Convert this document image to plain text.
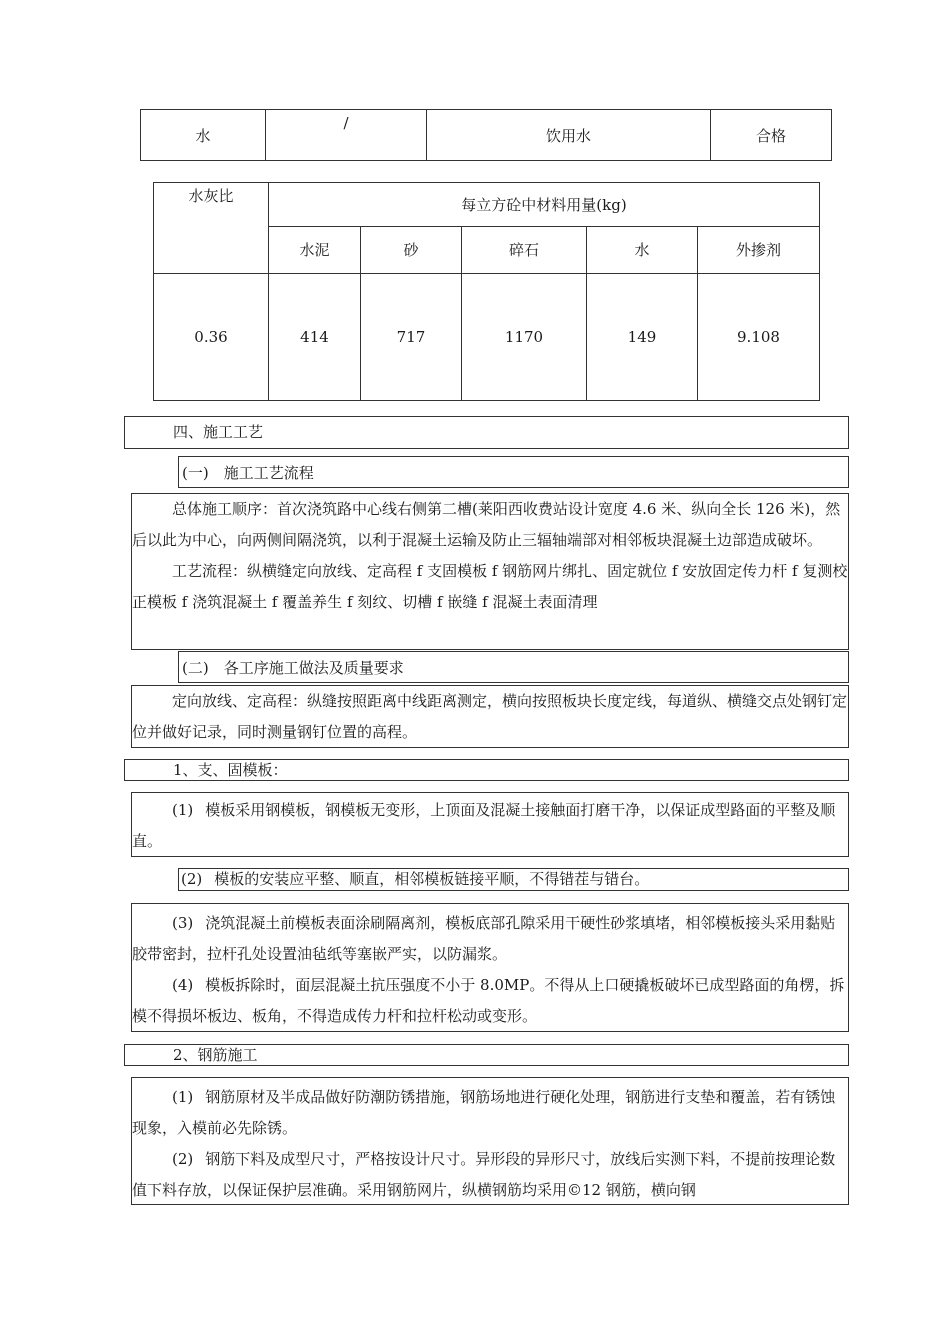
水	/	饮用水	合格
水灰比	每立方砼中材料用量(kg)				
	水泥	砂	碎石	水	外掺剂
0.36	414	717	1170	149	9.108
四、施工工艺
(一)　施工工艺流程

总体施工顺序：首次浇筑路中心线右侧第二槽(莱阳西收费站设计宽度 4.6 米、纵向全长 126 米)，然后以此为中心，向两侧间隔浇筑，以利于混凝土运输及防止三辐轴端部对相邻板块混凝土边部造成破坏。

工艺流程：纵横缝定向放线、定高程 f 支固模板 f 钢筋网片绑扎、固定就位 f 安放固定传力杆 f 复测校正模板 f 浇筑混凝土 f 覆盖养生 f 刻纹、切槽 f 嵌缝 f 混凝土表面清理

(二)　各工序施工做法及质量要求

定向放线、定高程：纵缝按照距离中线距离测定，横向按照板块长度定线，每道纵、横缝交点处钢钉定位并做好记录，同时测量钢钉位置的高程。

1、支、固模板：

(1) 模板采用钢模板，钢模板无变形，上顶面及混凝土接触面打磨干净，以保证成型路面的平整及顺直。

(2) 模板的安装应平整、顺直，相邻模板链接平顺，不得错茬与错台。

(3) 浇筑混凝土前模板表面涂刷隔离剂，模板底部孔隙采用干硬性砂浆填堵，相邻模板接头采用黏贴胶带密封，拉杆孔处设置油毡纸等塞嵌严实，以防漏浆。

(4) 模板拆除时，面层混凝土抗压强度不小于 8.0MP。不得从上口硬撬板破坏已成型路面的角楞，拆模不得损坏板边、板角，不得造成传力杆和拉杆松动或变形。

2、钢筋施工

(1) 钢筋原材及半成品做好防潮防锈措施，钢筋场地进行硬化处理，钢筋进行支垫和覆盖，若有锈蚀现象，入模前必先除锈。

(2) 钢筋下料及成型尺寸，严格按设计尺寸。异形段的异形尺寸，放线后实测下料，不提前按理论数值下料存放，以保证保护层准确。采用钢筋网片，纵横钢筋均采用©12 钢筋，横向钢
